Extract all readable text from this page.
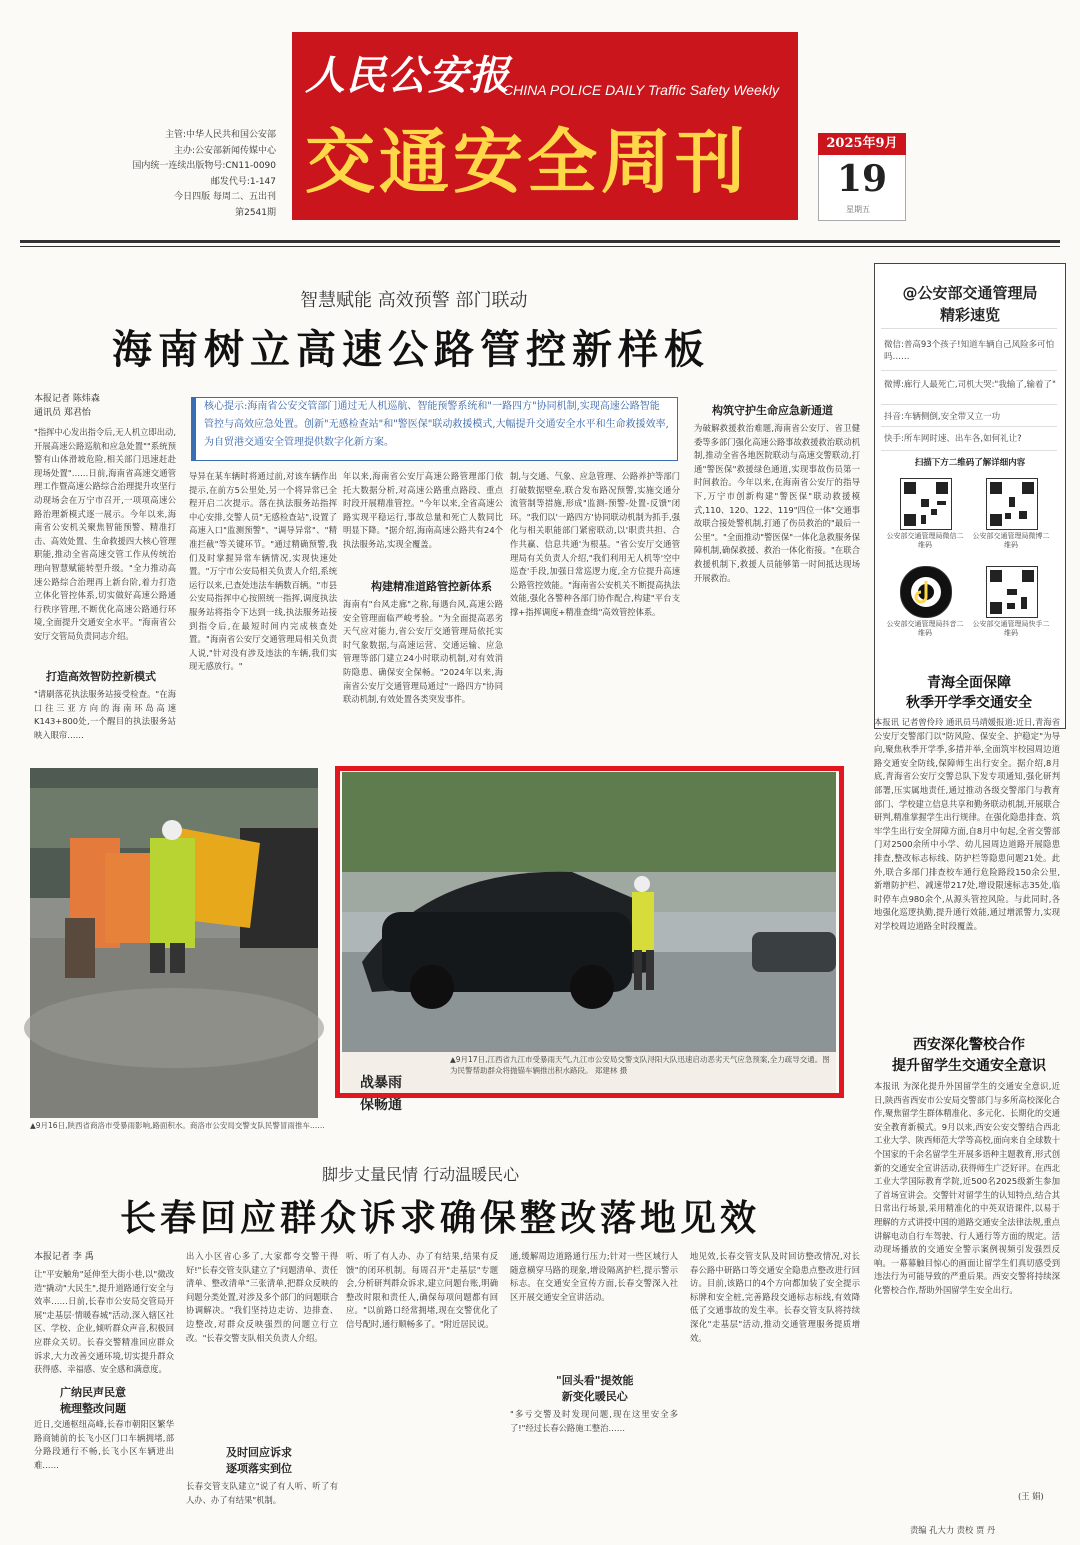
人民公安报
CHINA POLICE DAILY Traffic Safety Weekly
交通安全周刊
主管:中华人民共和国公安部
主办:公安部新闻传媒中心
国内统一连续出版物号:CN11-0090
邮发代号:1-147
今日四版 每周二、五出刊
第2541期
2025年9月
19
星期五
智慧赋能 高效预警 部门联动
海南树立高速公路管控新样板
本报记者 陈炜森
通讯员 郑君怡
核心提示:海南省公安交管部门通过无人机巡航、智能预警系统和"一路四方"协同机制,实现高速公路智能管控与高效应急处置。创新"无感检查站"和"警医保"联动救援模式,大幅提升交通安全水平和生命救援效率,为自贸港交通安全管理提供数字化新方案。
"指挥中心发出指令后,无人机立即出动,开展高速公路巡航和应急处置""系统预警有山体滑坡危险,相关部门迅速赶赴现场处置"……日前,海南省高速交通管理工作暨高速公路综合治理提升攻坚行动现场会在万宁市召开,一项项高速公路治理新模式逐一展示。今年以来,海南省公安机关聚焦智能预警、精准打击、高效处置、生命救援四大核心管理职能,推动全省高速交管工作从传统治理向智慧赋能转型升级。"全力推动高速公路综合治理再上新台阶,着力打造立体化管控体系,切实做好高速公路通行秩序管理,不断优化高速公路通行环境,全面提升交通安全水平。"海南省公安厅交管局负责同志介绍。
打造高效智防控新模式
"请刷落花执法服务站接受检查。"在海口往三亚方向的海南环岛高速K143+800处,一个醒目的执法服务站映入眼帘……
导异在某车辆时将通过前,对该车辆作出提示,在前方5公里处,另一个将异常已全程开启二次提示。落在执法服务站指挥中心安排,交警人员"无感检查站",设置了高速入口"监测预警"、"调导异常"、"精准拦截"等关键环节。"通过精确预警,我们及时掌握异常车辆情况,实现快速处置。"万宁市公安局相关负责人介绍,系统运行以来,已查处违法车辆数百辆。"市县公安局指挥中心按照统一指挥,调度执法服务站将指令下达到一线,执法服务站接到指令后,在最短时间内完成核查处置。"海南省公安厅交通管理局相关负责人说,"针对没有涉及违法的车辆,我们实现无感放行。"
年以来,海南省公安厅高速公路管理部门依托大数据分析,对高速公路重点路段、重点时段开展精准管控。"今年以来,全省高速公路实现平稳运行,事故总量和死亡人数同比明显下降。"据介绍,海南高速公路共有24个执法服务站,实现全覆盖。
构建精准道路管控新体系
海南有"台风走廊"之称,每遇台风,高速公路安全管理面临严峻考验。"为全面提高恶劣天气应对能力,省公安厅交通管理局依托实时气象数据,与高速运营、交通运输、应急管理等部门建立24小时联动机制,对有效消防隐患、确保安全保畅。"2024年以来,海南省公安厅交通管理局通过"一路四方"协同联动机制,有效处置各类突发事件。
制,与交通、气象、应急管理、公路养护等部门打破数据壁垒,联合发布路况预警,实施交通分流管制等措施,形成"监测-预警-处置-反馈"闭环。"我们以'一路四方'协同联动机制为抓手,强化与相关职能部门紧密联动,以'职责共担、合作共赢、信息共通'为根基。"省公安厅交通管理局有关负责人介绍,"我们利用无人机等'空中巡查'手段,加强日常巡逻力度,全方位提升高速公路管控效能。"海南省公安机关不断提高执法效能,强化各警种各部门协作配合,构建"平台支撑+指挥调度+精准查缉"高效管控体系。
构筑守护生命应急新通道
为破解救援救治难题,海南省公安厅、省卫健委等多部门强化高速公路事故救援救治联动机制,推动全省各地医院联动与高速交警联动,打通"警医保"救援绿色通道,实现事故伤员第一时间救治。今年以来,在海南省公安厅的指导下,万宁市创新构建"警医保"联动救援模式,110、120、122、119"四位一体"交通事故联合接处警机制,打通了伤员救治的"最后一公里"。"全面推动"警医保"一体化急救服务保障机制,确保救援、救治一体化衔接。"在联合救援机制下,救援人员能够第一时间抵达现场开展救治。
@公安部交通管理局
精彩速览
微信:普高93个孩子!知道车辆自己风险多可怕吗……
微博:廊行人最死亡,司机大哭:"我输了,输着了"
抖音:车辆侧倒,安全带又立一功
快手:所车网时速、出车各,如何礼让?
扫描下方二维码了解详细内容
公安部交通管理局微信二维码
公安部交通管理局微博二维码
公安部交通管理局抖音二维码
公安部交通管理局快手二维码
青海全面保障
秋季开学季交通安全
本报讯 记者曾伶玲 通讯员马靖媛报道:近日,青海省公安厅交警部门以"防风险、保安全、护稳定"为导向,聚焦秋季开学季,多措并举,全面筑牢校园周边道路交通安全防线,保障师生出行安全。据介绍,8月底,青海省公安厅交警总队下发专项通知,强化研判部署,压实属地责任,通过推动各级交警部门与教育部门、学校建立信息共享和勤务联动机制,开展联合研判,精准掌握学生出行规律。在强化隐患排查、筑牢学生出行安全屏障方面,自8月中旬起,全省交警部门对2500余所中小学、幼儿园周边道路开展隐患排查,整改标志标线、防护栏等隐患问题21处。此外,联合多部门排查校车通行危险路段150余公里,新增防护栏、减速带217处,增设限速标志35处,临时停车点980余个,从源头管控风险。与此同时,各地强化巡逻执勤,提升通行效能,通过增派警力,实现对学校周边道路全时段覆盖。
西安深化警校合作
提升留学生交通安全意识
本报讯 为深化提升外国留学生的交通安全意识,近日,陕西省西安市公安局交警部门与多所高校深化合作,聚焦留学生群体精准化、多元化、长期化的交通安全教育新模式。9月以来,西安公安交警结合西北工业大学、陕西师范大学等高校,面向来自全球数十个国家的千余名留学生开展多语种主题教育,形式创新的交通安全宣讲活动,获得师生广泛好评。在西北工业大学国际教育学院,近500名2025级新生参加了首场宣讲会。交警针对留学生的认知特点,结合其日常出行场景,采用精准化的中英双语课件,以易于理解的方式讲授中国的道路交通安全法律法规,重点讲解电动自行车驾驶、行人通行等方面的规定。活动现场播放的交通安全警示案例视频引发强烈反响。一幕幕触目惊心的画面让留学生们真切感受到违法行为可能导致的严重后果。西安交警将持续深化警校合作,帮助外国留学生安全出行。
(王 娟)
▲9月16日,陕西省商洛市受暴雨影响,路面积水。商洛市公安局交警支队民警冒雨推车……
战暴雨
保畅通
▲9月17日,江西省九江市受暴雨天气,九江市公安局交警支队浔阳大队迅速启动恶劣天气应急预案,全力疏导交通。图为民警帮助群众将抛锚车辆推出积水路段。 郑建林 摄
脚步丈量民情 行动温暖民心
长春回应群众诉求确保整改落地见效
本报记者 李 禹
让"平安触角"延伸至大街小巷,以"微改造"撬动"大民生",提升道路通行安全与效率……日前,长春市公安局交管局开展"走基层·情暖春城"活动,深入辖区社区、学校、企业,倾听群众声音,积极回应群众关切。长春交警精准回应群众诉求,大力改善交通环境,切实提升群众获得感、幸福感、安全感和满意度。
广纳民声民意
梳理整改问题
近日,交通枢纽高峰,长春市朝阳区繁华路商铺前的长飞小区门口车辆拥堵,部分路段通行不畅,长飞小区车辆进出难……
出入小区省心多了,大家都夸交警干得好!"长春交管支队建立了"问题清单、责任清单、整改清单"三张清单,把群众反映的问题分类处置,对涉及多个部门的问题联合协调解决。"我们坚持边走访、边排查、边整改,对群众反映强烈的问题立行立改。"长春交警支队相关负责人介绍。
及时回应诉求
逐项落实到位
长春交管支队建立"说了有人听、听了有人办、办了有结果"机制。
听、听了有人办、办了有结果,结果有反馈"的闭环机制。每周召开"走基层"专题会,分析研判群众诉求,建立问题台账,明确整改时限和责任人,确保每项问题都有回应。"以前路口经常拥堵,现在交警优化了信号配时,通行顺畅多了。"附近居民说。
通,缓解周边道路通行压力;针对一些区域行人随意横穿马路的现象,增设隔离护栏,提示警示标志。在交通安全宣传方面,长春交警深入社区开展交通安全宣讲活动。
"回头看"提效能
新变化暖民心
"多亏交警及时发现问题,现在这里安全多了!"经过长春公路施工整治……
地见效,长春交管支队及时回访整改情况,对长春公路中研路口等交通安全隐患点整改进行回访。目前,该路口的4个方向都加装了安全提示标牌和安全桩,完善路段交通标志标线,有效降低了交通事故的发生率。长春交管支队将持续深化"走基层"活动,推动交通管理服务提质增效。
责编 孔大力 责校 贾 丹
